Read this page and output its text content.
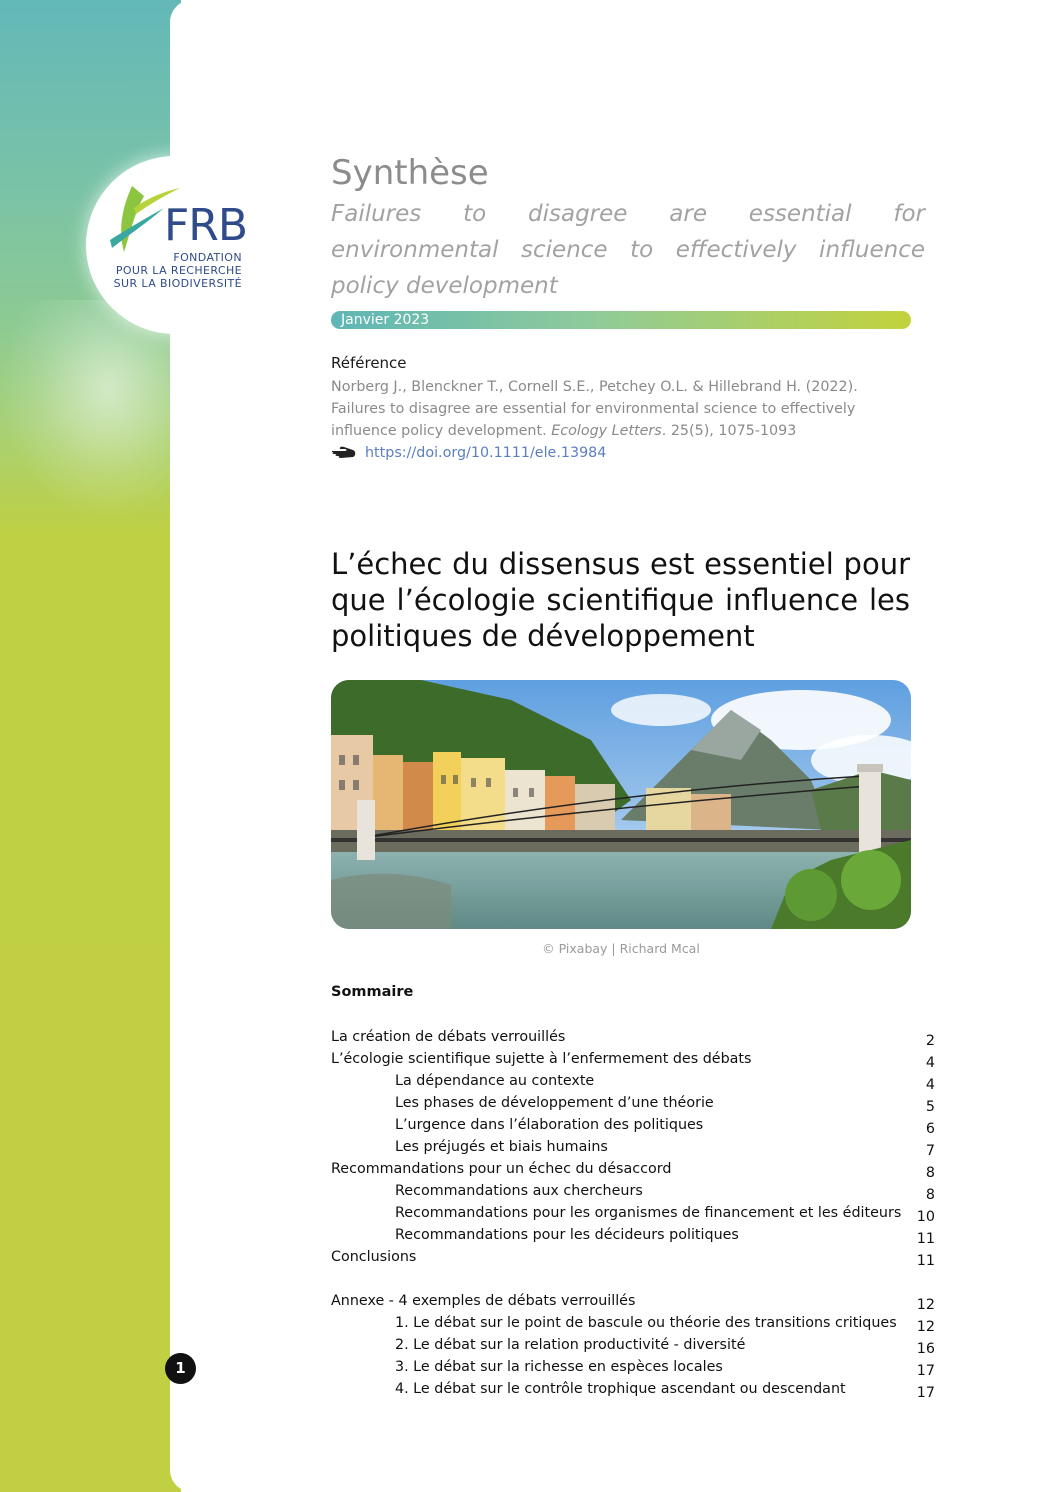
FRB
FONDATION
POUR LA RECHERCHE
SUR LA BIODIVERSITÉ
Synthèse
Failures to disagree are essential for environmental science to effectively influence policy development
Janvier 2023
Référence
Norberg J., Blenckner T., Cornell S.E., Petchey O.L. & Hillebrand H. (2022). Failures to disagree are essential for environmental science to effectively influence policy development. Ecology Letters. 25(5), 1075-1093
https://doi.org/10.1111/ele.13984
L’échec du dissensus est essentiel pour que l’écologie scientifique influence les politiques de développement
© Pixabay | Richard Mcal
Sommaire
La création de débats verrouillés	2
L’écologie scientifique sujette à l’enfermement des débats	4
La dépendance au contexte	4
Les phases de développement d’une théorie	5
L’urgence dans l’élaboration des politiques	6
Les préjugés et biais humains	7
Recommandations pour un échec du désaccord	8
Recommandations aux chercheurs	8
Recommandations pour les organismes de financement et les éditeurs	10
Recommandations pour les décideurs politiques	11
Conclusions	11
Annexe - 4 exemples de débats verrouillés	12
1. Le débat sur le point de bascule ou théorie des transitions critiques	12
2. Le débat sur la relation productivité - diversité	16
3. Le débat sur la richesse en espèces locales	17
4. Le débat sur le contrôle trophique ascendant ou descendant	17
1
